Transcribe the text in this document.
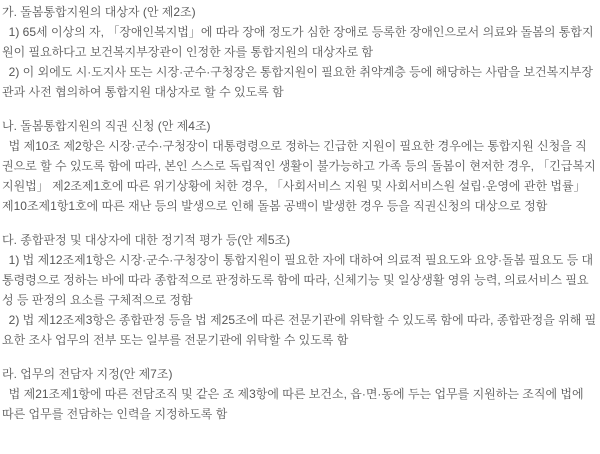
가. 돌봄통합지원의 대상자 (안 제2조)
1) 65세 이상의 자, 「장애인복지법」에 따라 장애 정도가 심한 장애로 등록한 장애인으로서 의료와 돌봄의 통합지원이 필요하다고 보건복지부장관이 인정한 자를 통합지원의 대상자로 함
2) 이 외에도 시·도지사 또는 시장·군수·구청장은 통합지원이 필요한 취약계층 등에 해당하는 사람을 보건복지부장관과 사전 협의하여 통합지원 대상자로 할 수 있도록 함
나. 돌봄통합지원의 직권 신청 (안 제4조)
법 제10조 제2항은 시장·군수·구청장이 대통령령으로 정하는 긴급한 지원이 필요한 경우에는 통합지원 신청을 직권으로 할 수 있도록 함에 따라, 본인 스스로 독립적인 생활이 불가능하고 가족 등의 돌봄이 현저한 경우, 「긴급복지지원법」 제2조제1호에 따른 위기상황에 처한 경우, 「사회서비스 지원 및 사회서비스원 설립·운영에 관한 법률」 제10조제1항1호에 따른 재난 등의 발생으로 인해 돌봄 공백이 발생한 경우 등을 직권신청의 대상으로 정함
다. 종합판정 및 대상자에 대한 정기적 평가 등(안 제5조)
1) 법 제12조제1항은 시장·군수·구청장이 통합지원이 필요한 자에 대하여 의료적 필요도와 요양·돌봄 필요도 등 대통령령으로 정하는 바에 따라 종합적으로 판정하도록 함에 따라, 신체기능 및 일상생활 영위 능력, 의료서비스 필요성 등 판정의 요소를 구체적으로 정함
2) 법 제12조제3항은 종합판정 등을 법 제25조에 따른 전문기관에 위탁할 수 있도록 함에 따라, 종합판정을 위해 필요한 조사 업무의 전부 또는 일부를 전문기관에 위탁할 수 있도록 함
라. 업무의 전담자 지정(안 제7조)
법 제21조제1항에 따른 전담조직 및 같은 조 제3항에 따른 보건소, 읍·면·동에 두는 업무를 지원하는 조직에 법에 따른 업무를 전담하는 인력을 지정하도록 함
